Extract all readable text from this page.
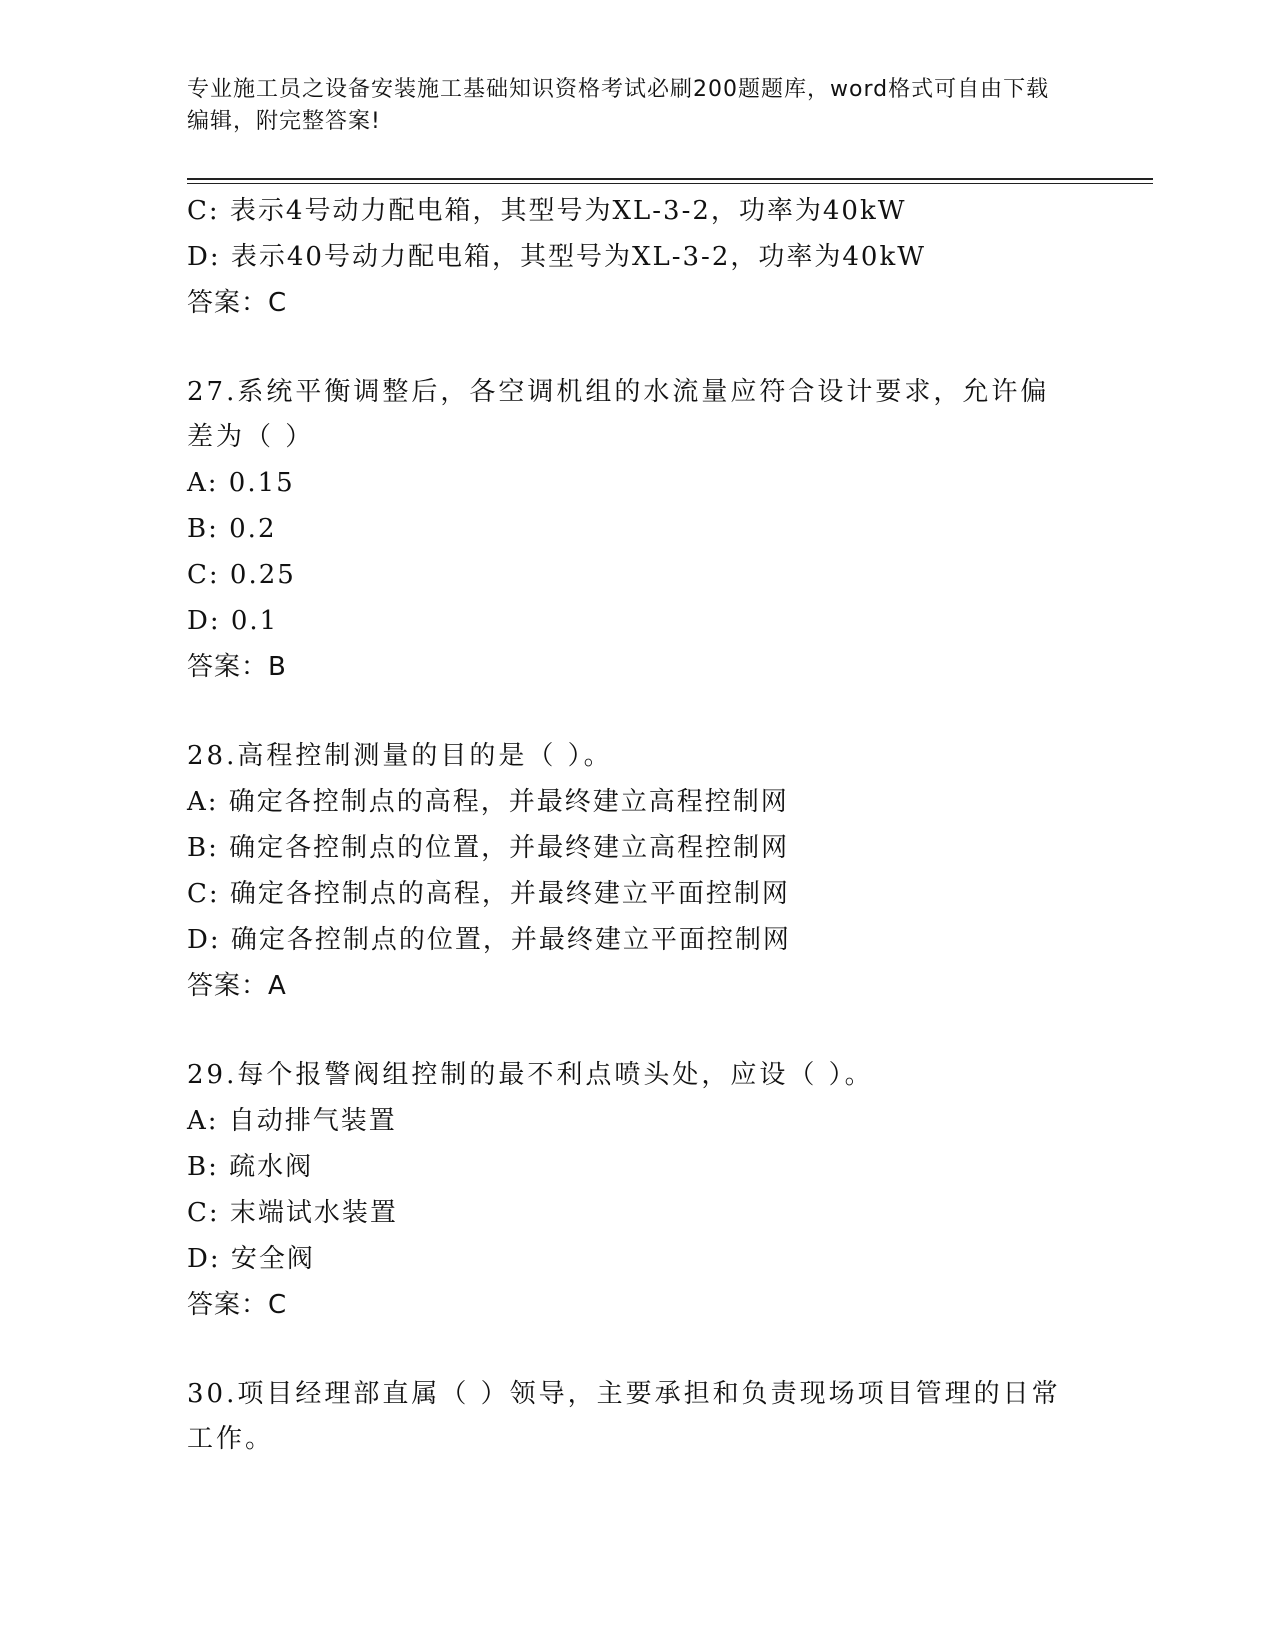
专业施工员之设备安装施工基础知识资格考试必刷200题题库，word格式可自由下载编辑，附完整答案!
C: 表示4号动力配电箱，其型号为XL-3-2，功率为40kW
D: 表示40号动力配电箱，其型号为XL-3-2，功率为40kW
答案：C
27.系统平衡调整后，各空调机组的水流量应符合设计要求，允许偏差为（ ）
A: 0.15
B: 0.2
C: 0.25
D: 0.1
答案：B
28.高程控制测量的目的是（ ）。
A: 确定各控制点的高程，并最终建立高程控制网
B: 确定各控制点的位置，并最终建立高程控制网
C: 确定各控制点的高程，并最终建立平面控制网
D: 确定各控制点的位置，并最终建立平面控制网
答案：A
29.每个报警阀组控制的最不利点喷头处，应设（ ）。
A: 自动排气装置
B: 疏水阀
C: 末端试水装置
D: 安全阀
答案：C
30.项目经理部直属（ ）领导，主要承担和负责现场项目管理的日常工作。
